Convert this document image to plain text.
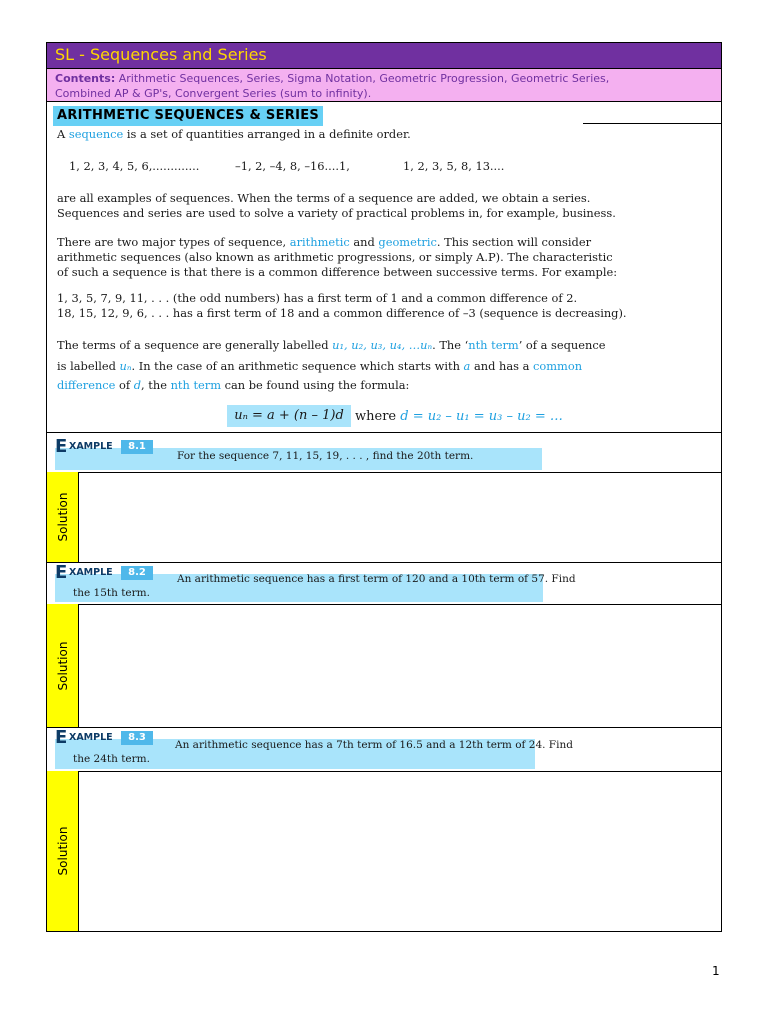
SL - Sequences and Series
Contents: Arithmetic Sequences, Series, Sigma Notation, Geometric Progression, Geometric Series,
Combined AP & GP's, Convergent Series (sum to infinity).
ARITHMETIC SEQUENCES & SERIES
A sequence is a set of quantities arranged in a definite order.
1, 2, 3, 4, 5, 6,.............	–1, 2, –4, 8, –16....1,	1, 2, 3, 5, 8, 13....
are all examples of sequences. When the terms of a sequence are added, we obtain a series.
Sequences and series are used to solve a variety of practical problems in, for example, business.
There are two major types of sequence, arithmetic and geometric. This section will consider
arithmetic sequences (also known as arithmetic progressions, or simply A.P). The characteristic
of such a sequence is that there is a common difference between successive terms. For example:
1, 3, 5, 7, 9, 11, . . . (the odd numbers) has a first term of 1 and a common difference of 2.
18, 15, 12, 9, 6, . . . has a first term of 18 and a common difference of –3 (sequence is decreasing).
The terms of a sequence are generally labelled u₁, u₂, u₃, u₄, …uₙ. The ‘nth term’ of a sequence
is labelled uₙ. In the case of an arithmetic sequence which starts with a and has a common
difference of d, the nth term can be found using the formula:
uₙ = a + (n – 1)d where d = u₂ – u₁ = u₃ – u₂ = …
E XAMPLE	8.1
For the sequence 7, 11, 15, 19, . . . , find the 20th term.
Solution
E XAMPLE	8.2
An arithmetic sequence has a first term of 120 and a 10th term of 57. Find
the 15th term.
Solution
E XAMPLE	8.3
An arithmetic sequence has a 7th term of 16.5 and a 12th term of 24. Find
the 24th term.
Solution
1
